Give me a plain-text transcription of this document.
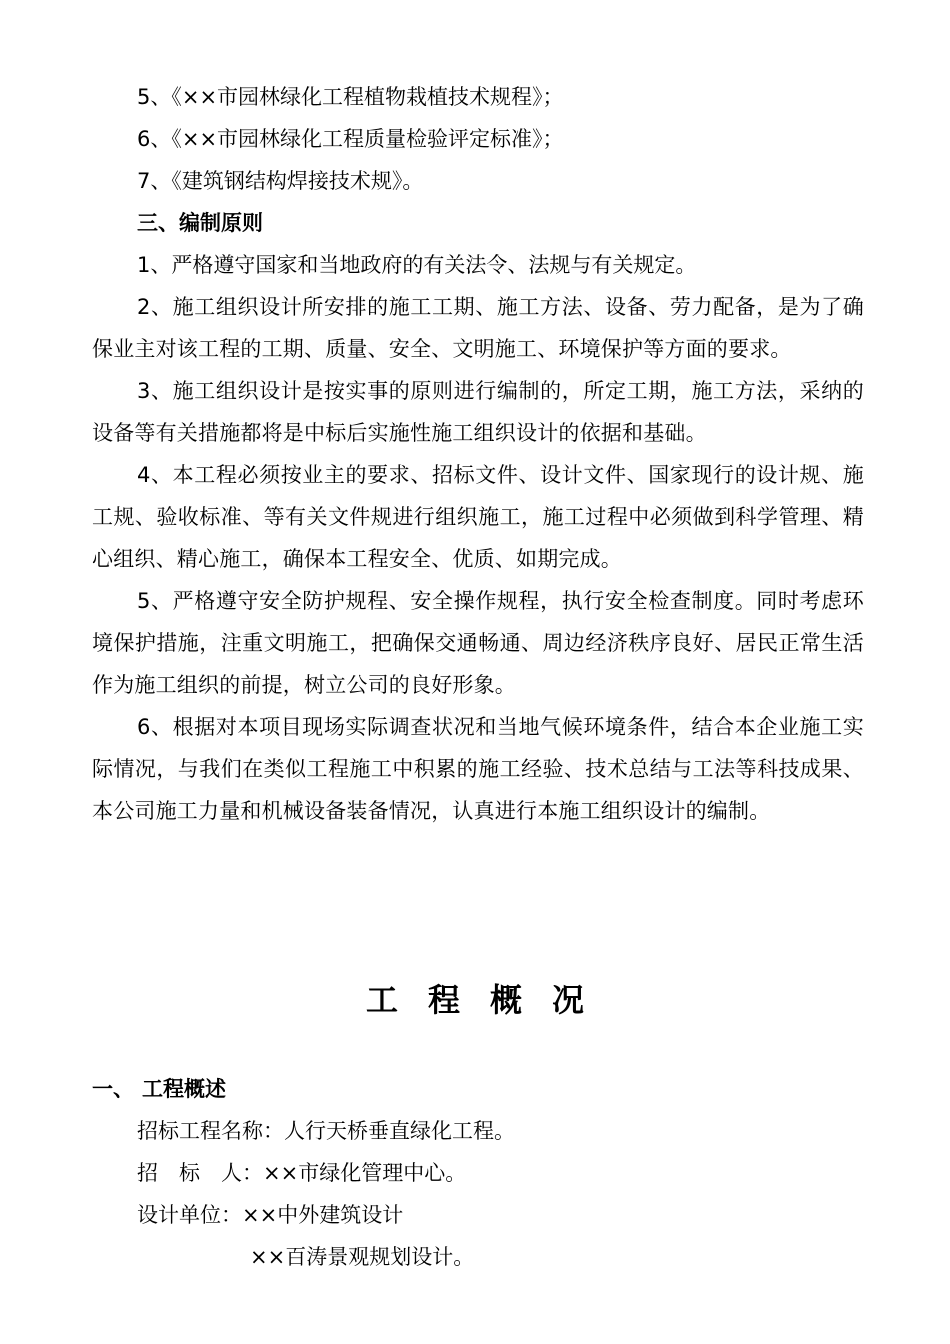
5、《××市园林绿化工程植物栽植技术规程》；

6、《××市园林绿化工程质量检验评定标准》；

7、《建筑钢结构焊接技术规》。

三、编制原则

1、严格遵守国家和当地政府的有关法令、法规与有关规定。

2、施工组织设计所安排的施工工期、施工方法、设备、劳力配备，是为了确保业主对该工程的工期、质量、安全、文明施工、环境保护等方面的要求。

3、施工组织设计是按实事的原则进行编制的，所定工期，施工方法，采纳的设备等有关措施都将是中标后实施性施工组织设计的依据和基础。

4、本工程必须按业主的要求、招标文件、设计文件、国家现行的设计规、施工规、验收标准、等有关文件规进行组织施工，施工过程中必须做到科学管理、精心组织、精心施工，确保本工程安全、优质、如期完成。

5、严格遵守安全防护规程、安全操作规程，执行安全检查制度。同时考虑环境保护措施，注重文明施工，把确保交通畅通、周边经济秩序良好、居民正常生活作为施工组织的前提，树立公司的良好形象。

6、根据对本项目现场实际调查状况和当地气候环境条件，结合本企业施工实际情况，与我们在类似工程施工中积累的施工经验、技术总结与工法等科技成果、本公司施工力量和机械设备装备情况，认真进行本施工组织设计的编制。

工程概况
一、 工程概述

招标工程名称：人行天桥垂直绿化工程。

招　标　人：××市绿化管理中心。

设计单位：××中外建筑设计

××百涛景观规划设计。
